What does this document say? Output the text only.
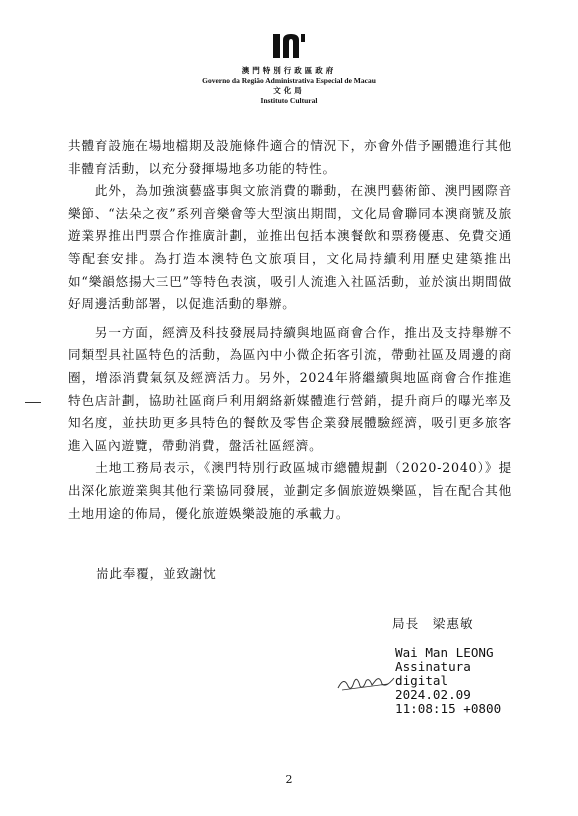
澳門特別行政區政府
Governo da Região Administrativa Especial de Macau
文化局
Instituto Cultural

共體育設施在場地檔期及設施條件適合的情況下，亦會外借予團體進行其他非體育活動，以充分發揮場地多功能的特性。

　　此外，為加強演藝盛事與文旅消費的聯動，在澳門藝術節、澳門國際音樂節、“法朵之夜”系列音樂會等大型演出期間，文化局會聯同本澳商號及旅遊業界推出門票合作推廣計劃，並推出包括本澳餐飲和票務優惠、免費交通等配套安排。為打造本澳特色文旅項目，文化局持續利用歷史建築推出如“樂韻悠揚大三巴”等特色表演，吸引人流進入社區活動，並於演出期間做好周邊活動部署，以促進活動的舉辦。

　　另一方面，經濟及科技發展局持續與地區商會合作，推出及支持舉辦不同類型具社區特色的活動，為區內中小微企拓客引流，帶動社區及周邊的商圈，增添消費氣氛及經濟活力。另外，2024年將繼續與地區商會合作推進特色店計劃，協助社區商戶利用網絡新媒體進行營銷，提升商戶的曝光率及知名度，並扶助更多具特色的餐飲及零售企業發展體驗經濟，吸引更多旅客進入區內遊覽，帶動消費，盤活社區經濟。

　　土地工務局表示，《澳門特別行政區城市總體規劃（2020-2040）》提出深化旅遊業與其他行業協同發展，並劃定多個旅遊娛樂區，旨在配合其他土地用途的佈局，優化旅遊娛樂設施的承載力。

耑此奉覆，並致謝忱
局長　梁惠敏
Wai Man LEONG
Assinatura
digital
2024.02.09
11:08:15 +0800
2
